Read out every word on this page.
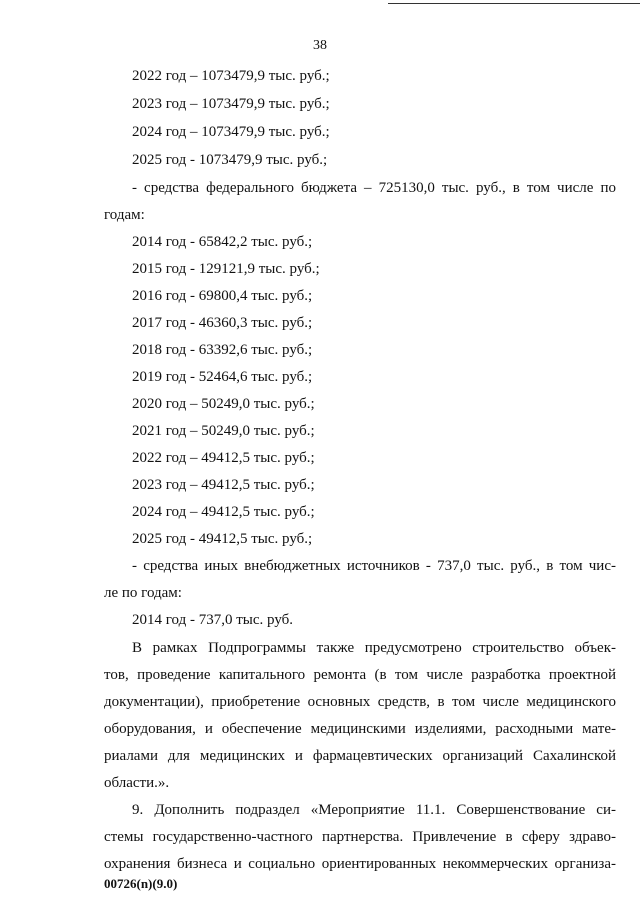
38
2022 год – 1073479,9 тыс. руб.;
2023 год – 1073479,9 тыс. руб.;
2024 год – 1073479,9 тыс. руб.;
2025 год - 1073479,9 тыс. руб.;
- средства федерального бюджета – 725130,0 тыс. руб., в том числе по
годам:
2014 год - 65842,2 тыс. руб.;
2015 год - 129121,9 тыс. руб.;
2016 год - 69800,4 тыс. руб.;
2017 год - 46360,3 тыс. руб.;
2018 год - 63392,6 тыс. руб.;
2019 год - 52464,6 тыс. руб.;
2020 год – 50249,0 тыс. руб.;
2021 год – 50249,0 тыс. руб.;
2022 год – 49412,5 тыс. руб.;
2023 год – 49412,5 тыс. руб.;
2024 год – 49412,5 тыс. руб.;
2025 год - 49412,5 тыс. руб.;
- средства иных внебюджетных источников - 737,0 тыс. руб., в том чис-
ле по годам:
2014 год - 737,0 тыс. руб.
В рамках Подпрограммы также предусмотрено строительство объек-
тов, проведение капитального ремонта (в том числе разработка проектной
документации), приобретение основных средств, в том числе медицинского
оборудования, и обеспечение медицинскими изделиями, расходными мате-
риалами для медицинских и фармацевтических организаций Сахалинской
области.».
9. Дополнить подраздел «Мероприятие 11.1. Совершенствование си-
стемы государственно-частного партнерства. Привлечение в сферу здраво-
охранения бизнеса и социально ориентированных некоммерческих организа-
00726(n)(9.0)
